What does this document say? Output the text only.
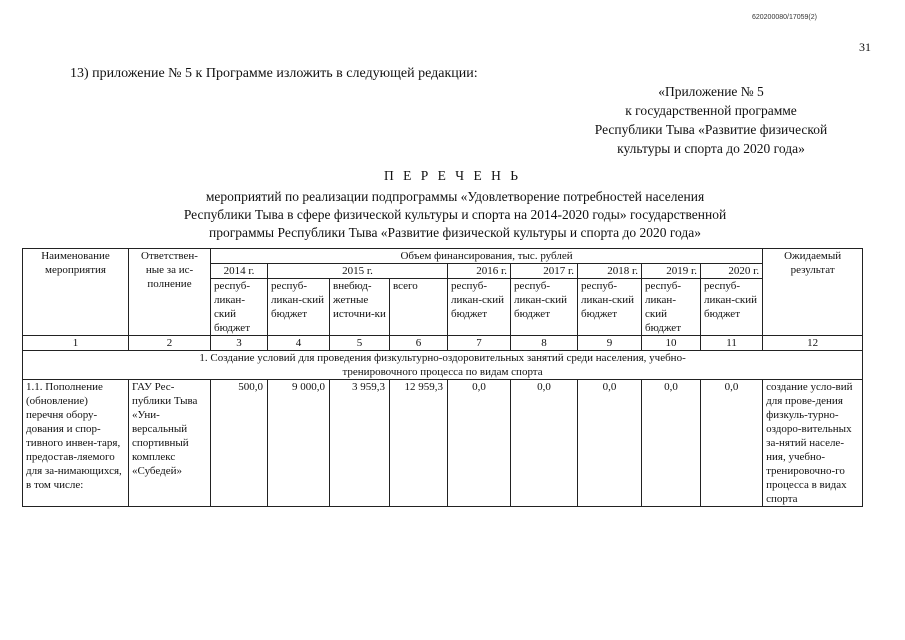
620200080/17059(2)
31
13) приложение № 5 к Программе изложить в следующей редакции:
«Приложение № 5
к государственной программе
Республики Тыва «Развитие физической
культуры и спорта до 2020 года»
П Е Р Е Ч Е Н Ь
мероприятий по реализации подпрограммы «Удовлетворение потребностей населения
Республики Тыва в сфере физической культуры и спорта на 2014-2020 годы» государственной
программы Республики Тыва «Развитие физической культуры и спорта до 2020 года»
Наименование мероприятия	Ответствен-ные за ис-полнение	Объем финансирования, тыс. рублей									Ожидаемый результат
		2014 г.	2015 г.			2016 г.	2017 г.	2018 г.	2019 г.	2020 г.	
		респуб-ликан-ский бюджет	респуб-ликан-ский бюджет	внебюд-жетные источни-ки	всего	респуб-ликан-ский бюджет	респуб-ликан-ский бюджет	респуб-ликан-ский бюджет	респуб-ликан-ский бюджет	респуб-ликан-ский бюджет	
1	2	3	4	5	6	7	8	9	10	11	12
1. Создание условий для проведения физкультурно-оздоровительных занятий среди населения, учебно-тренировочного процесса по видам спорта											
1.1. Пополнение (обновление) перечня обору-дования и спор-тивного инвен-таря, предостав-ляемого для за-нимающихся, в том числе:	ГАУ Рес-публики Тыва «Уни-версальный спортивный комплекс «Субедей»	500,0	9 000,0	3 959,3	12 959,3	0,0	0,0	0,0	0,0	0,0	создание усло-вий для прове-дения физкуль-турно-оздоро-вительных за-нятий населе-ния, учебно-тренировочно-го процесса в видах спорта
